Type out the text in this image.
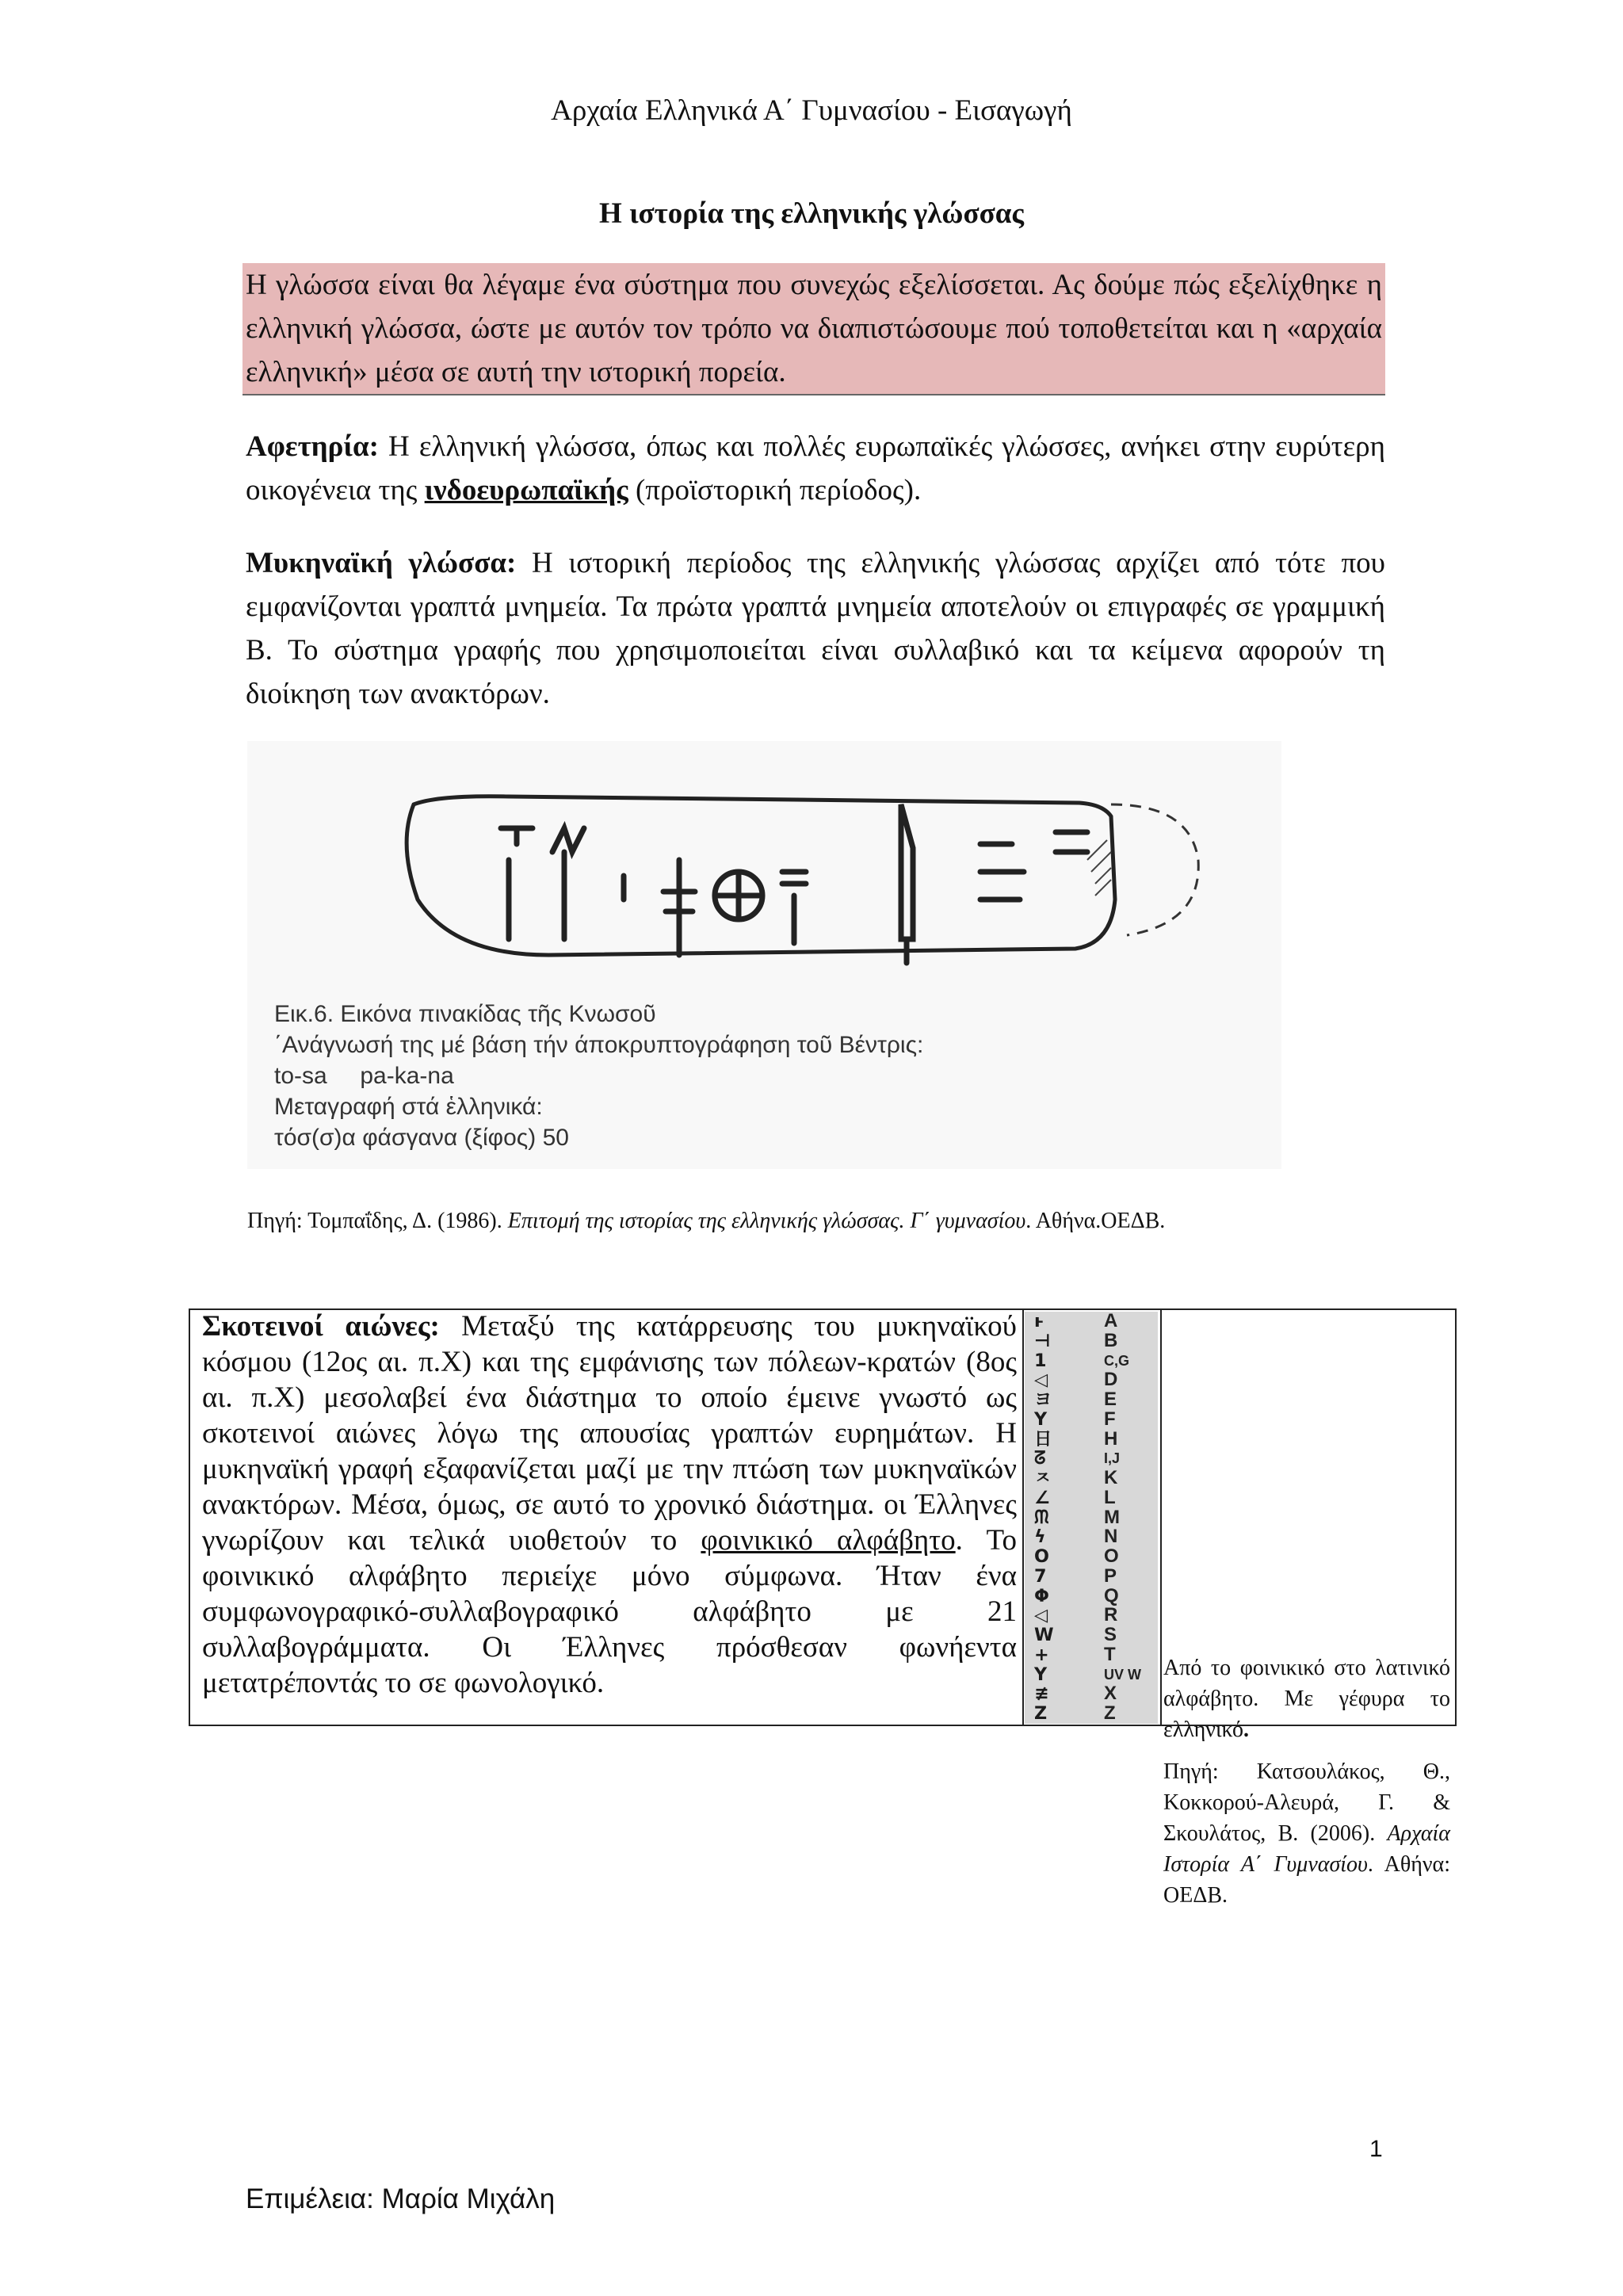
Αρχαία Ελληνικά Α΄ Γυμνασίου - Εισαγωγή
Η ιστορία της ελληνικής γλώσσας
Η γλώσσα είναι θα λέγαμε ένα σύστημα που συνεχώς εξελίσσεται. Ας δούμε πώς εξελίχθηκε η ελληνική γλώσσα, ώστε με αυτόν τον τρόπο να διαπιστώσουμε πού τοποθετείται και η «αρχαία ελληνική» μέσα σε αυτή την ιστορική πορεία.
Αφετηρία: Η ελληνική γλώσσα, όπως και πολλές ευρωπαϊκές γλώσσες, ανήκει στην ευρύτερη οικογένεια της ινδοευρωπαϊκής (προϊστορική περίοδος).
Μυκηναϊκή γλώσσα: Η ιστορική περίοδος της ελληνικής γλώσσας αρχίζει από τότε που εμφανίζονται γραπτά μνημεία. Τα πρώτα γραπτά μνημεία αποτελούν οι επιγραφές σε γραμμική Β. Το σύστημα γραφής που χρησιμοποιείται είναι συλλαβικό και τα κείμενα αφορούν τη διοίκηση των ανακτόρων.
Εικ.6. Εικόνα πινακίδας τῆς Κνωσοῦ
΄Ανάγνωσή της μέ βάση τήν άποκρυπτογράφηση τοῦ Βέντρις:
to-sa     pa-ka-na
Μεταγραφή στά ἑλληνικά:
τόσ(σ)α φάσγανα (ξίφος) 50
Πηγή: Τομπαΐδης, Δ. (1986). Επιτομή της ιστορίας της ελληνικής γλώσσας. Γ΄ γυμνασίου. Αθήνα.ΟΕΔΒ.
Σκοτεινοί αιώνες: Μεταξύ της κατάρρευσης του μυκηναϊκού κόσμου (12ος αι. π.Χ) και της εμφάνισης των πόλεων-κρατών (8ος αι. π.Χ) μεσολαβεί ένα διάστημα το οποίο έμεινε γνωστό ως σκοτεινοί αιώνες λόγω της απουσίας γραπτών ευρημάτων. Η μυκηναϊκή γραφή εξαφανίζεται μαζί με την πτώση των μυκηναϊκών ανακτόρων. Μέσα, όμως, σε αυτό το χρονικό διάστημα. οι Έλληνες γνωρίζουν και τελικά υιοθετούν το φοινικικό αλφάβητο. Το φοινικικό αλφάβητο περιείχε μόνο σύμφωνα. Ήταν ένα συμφωνογραφικό-συλλαβογραφικό αλφάβητο με 21 συλλαβογράμματα. Οι Έλληνες πρόσθεσαν φωνήεντα μετατρέποντάς το σε φωνολογικό.
ⱶ	A
⊣	B
1	C,G
◁	D
ヨ	E
Y	F
日	H
ᘔ	I,J
ㅈ	K
∠	L
ᙏ	M
ϟ	N
O	O
7	P
Φ	Q
◁	R
W	S
+	T
Y	UV W
≢	X
Z	Z
Από το φοινικικό στο λατινικό αλφάβητο. Με γέφυρα το ελληνικό.
Πηγή: Κατσουλάκος, Θ., Κοκκορού-Αλευρά, Γ. & Σκουλάτος, Β. (2006). Αρχαία Ιστορία Α΄ Γυμνασίου. Αθήνα: ΟΕΔΒ.
1
Επιμέλεια: Μαρία Μιχάλη
